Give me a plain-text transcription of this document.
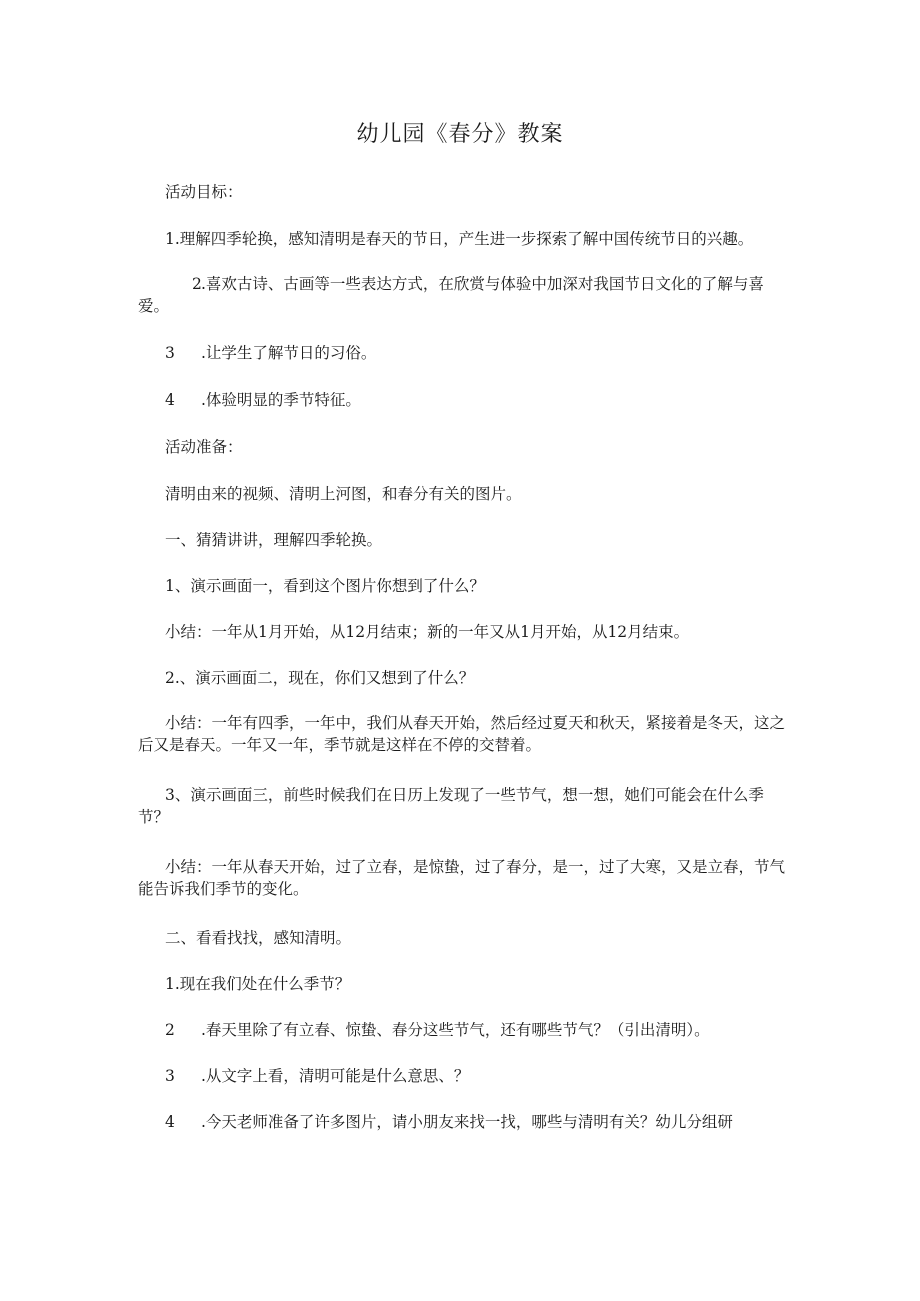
幼儿园《春分》教案
活动目标：
1.理解四季轮换，感知清明是春天的节日，产生进一步探索了解中国传统节日的兴趣。
2.喜欢古诗、古画等一些表达方式，在欣赏与体验中加深对我国节日文化的了解与喜爱。
3 .让学生了解节日的习俗。
4 .体验明显的季节特征。
活动准备：
清明由来的视频、清明上河图，和春分有关的图片。
一、猜猜讲讲，理解四季轮换。
1、演示画面一，看到这个图片你想到了什么？
小结：一年从1月开始，从12月结束；新的一年又从1月开始，从12月结束。
2.、演示画面二，现在，你们又想到了什么？
小结：一年有四季，一年中，我们从春天开始，然后经过夏天和秋天，紧接着是冬天，这之后又是春天。一年又一年，季节就是这样在不停的交替着。
3、演示画面三，前些时候我们在日历上发现了一些节气，想一想，她们可能会在什么季节？
小结：一年从春天开始，过了立春，是惊蛰，过了春分，是一，过了大寒，又是立春，节气能告诉我们季节的变化。
二、看看找找，感知清明。
1.现在我们处在什么季节？
2 .春天里除了有立春、惊蛰、春分这些节气，还有哪些节气？（引出清明）。
3 .从文字上看，清明可能是什么意思、？
4 .今天老师准备了许多图片，请小朋友来找一找，哪些与清明有关？幼儿分组研
